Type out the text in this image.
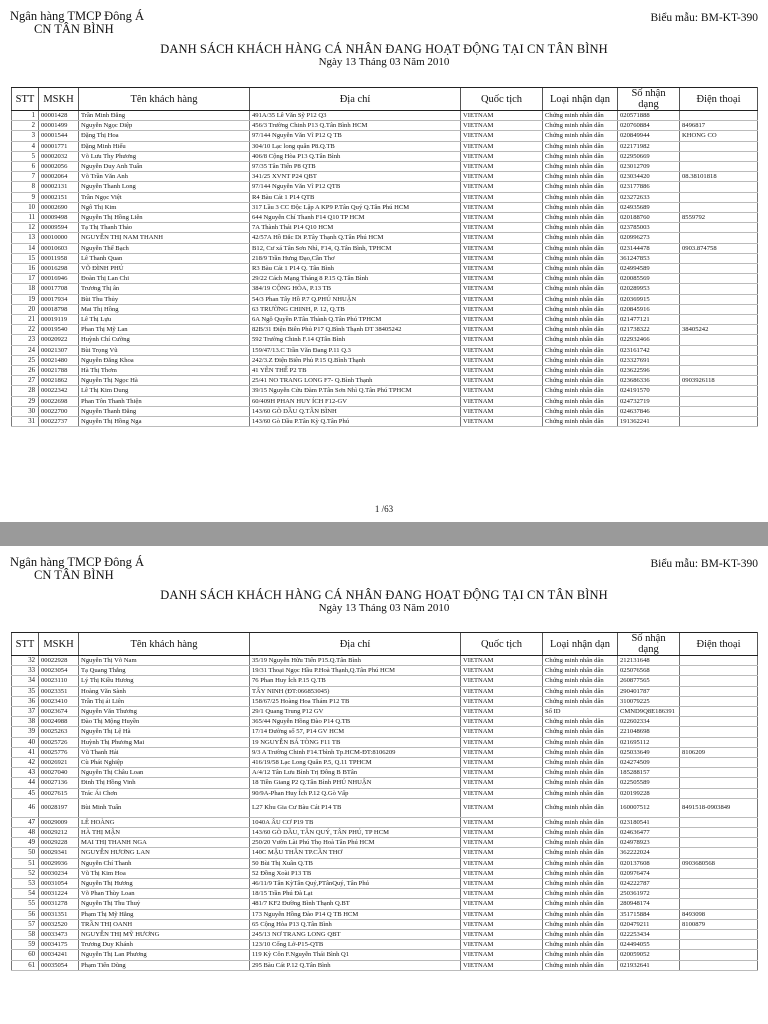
Ngân hàng TMCP Đông Á
CN TÂN BÌNH
Biểu mẫu: BM-KT-390
DANH SÁCH KHÁCH HÀNG CÁ NHÂN ĐANG HOẠT ĐỘNG TẠI CN TÂN BÌNH
Ngày 13 Tháng 03 Năm 2010
STT	MSKH	Tên khách hàng	Địa chỉ	Quốc tịch	Loại nhận dạn	Số nhận dạng	Điện thoại
1	00001428	Trần Minh Đăng	491A/35 Lê Văn Sỹ P12 Q3	VIETNAM	Chứng minh nhân dân	020571888	
2	00001499	Nguyễn Ngọc Diệp	456/3 Trường Chinh P13 Q.Tân Bình HCM	VIETNAM	Chứng minh nhân dân	020760884	8496817
3	00001544	Đặng Thị Hoa	97/144 Nguyễn Văn Vĩ P12 Q TB	VIETNAM	Chứng minh nhân dân	020849944	KHONG CO
4	00001771	Đặng Minh Hiếu	304/10 Lạc long quân P8.Q.TB	VIETNAM	Chứng minh nhân dân	022171982	
5	00002032	Võ Lưu Thy Phương	406/8 Cộng Hòa P13 Q.Tân Bình	VIETNAM	Chứng minh nhân dân	022950669	
6	00002056	Nguyễn Duy Anh Tuấn	97/35 Tân Tiến P8 QTB	VIETNAM	Chứng minh nhân dân	023012709	
7	00002064	Võ Trần Văn Anh	341/25 XVNT P24 QBT	VIETNAM	Chứng minh nhân dân	023034420	08.38101818
8	00002131	Nguyễn Thanh Long	97/144 Nguyễn Văn Vĩ P12 QTB	VIETNAM	Chứng minh nhân dân	023177886	
9	00002151	Trần Ngọc Việt	R4 Bàu Cát 1 P14 QTB	VIETNAM	Chứng minh nhân dân	023272633	
10	00002690	Ngô Thị Kim	317 Lầu 3 CC Độc Lập A KP9 P.Tân Quý Q.Tân Phú HCM	VIETNAM	Chứng minh nhân dân	024935689	
11	00009498	Nguyễn Thị Hồng Liên	644 Nguyễn Chí Thanh F14 Q10 TP HCM	VIETNAM	Chứng minh nhân dân	020188760	8559792
12	00009594	Tạ Thị Thanh Thảo	7A Thành Thái P14 Q10 HCM	VIETNAM	Chứng minh nhân dân	023785003	
13	00010000	NGUYỄN THỊ NAM THANH	42/57A Hồ Đắc Di P.Tây Thạnh Q.Tân Phú HCM	VIETNAM	Chứng minh nhân dân	020996273	
14	00010603	Nguyễn Thế Bạch	B12, Cư xá Tân Sơn Nhì, F14, Q.Tân Bình, TPHCM	VIETNAM	Chứng minh nhân dân	023144478	0903.874758
15	00011958	Lê Thanh Quan	218/9 Trần Hưng Đạo,Cần Thơ	VIETNAM	Chứng minh nhân dân	361247853	
16	00016298	VÕ ĐÌNH PHÚ	R3 Bàu Cát 1 P14 Q. Tân Bình	VIETNAM	Chứng minh nhân dân	024994589	
17	00016946	Đoàn Thị Lan Chi	29/22 Cách Mạng Tháng 8 P.15 Q.Tân Bình	VIETNAM	Chứng minh nhân dân	020085569	
18	00017708	Trương Thị ân	384/19 CỘNG HÒA, P.13 TB	VIETNAM	Chứng minh nhân dân	020289953	
19	00017934	Bùi Thu Thủy	54/3 Phan Tây Hồ P.7 Q.PHÚ NHUẬN	VIETNAM	Chứng minh nhân dân	020369915	
20	00018798	Mai Thị Hồng	63 TRƯỜNG CHINH, P. 12, Q.TB	VIETNAM	Chứng minh nhân dân	020845916	
21	00019119	Lê Thị Lựu	6A Ngô Quyền P.Tân Thành Q.Tân Phú TPHCM	VIETNAM	Chứng minh nhân dân	021477121	
22	00019540	Phan Thị Mỹ Lan	82B/31 Điện Biên Phủ P17 Q.Bình Thạnh DT 38405242	VIETNAM	Chứng minh nhân dân	021738322	38405242
23	00020922	Huỳnh Chí Cường	592 Trường Chinh F.14 QTân Bình	VIETNAM	Chứng minh nhân dân	022932466	
24	00021307	Bùi Trọng Vũ	159/47/13.C Trần Văn Đang P.11 Q.3	VIETNAM	Chứng minh nhân dân	023161742	
25	00021480	Nguyễn Đăng Khoa	242/3.Z Điện Biên Phủ P.15 Q.Bình Thạnh	VIETNAM	Chứng minh nhân dân	023327691	
26	00021788	Hà Thị Thơm	41 YÊN THẾ P2 TB	VIETNAM	Chứng minh nhân dân	023622596	
27	00021862	Nguyễn Thị Ngọc Hà	25/41 NO TRANG LONG F7- Q.Bình Thạnh	VIETNAM	Chứng minh nhân dân	023686336	0903926118
28	00022342	Lê Thị Kim Dung	39/15 Nguyễn Cửu Đàm P.Tân Sơn Nhì Q.Tân Phú TPHCM	VIETNAM	Chứng minh nhân dân	024191570	
29	00022698	Phan Tôn Thanh Thiện	60/409H PHAN HUY ÍCH F12-GV	VIETNAM	Chứng minh nhân dân	024732719	
30	00022700	Nguyễn Thanh Đăng	143/60 GÒ DẦU Q.TÂN BÌNH	VIETNAM	Chứng minh nhân dân	024637846	
31	00022737	Nguyễn Thị Hồng Nga	143/60 Gò Dầu P.Tân Kỳ Q.Tân Phú	VIETNAM	Chứng minh nhân dân	191362241	
1 /63
Ngân hàng TMCP Đông Á
CN TÂN BÌNH
Biểu mẫu: BM-KT-390
DANH SÁCH KHÁCH HÀNG CÁ NHÂN ĐANG HOẠT ĐỘNG TẠI CN TÂN BÌNH
Ngày 13 Tháng 03 Năm 2010
STT	MSKH	Tên khách hàng	Địa chỉ	Quốc tịch	Loại nhận dạn	Số nhận dạng	Điện thoại
32	00022928	Nguyễn Thị Võ Nam	35/19 Nguyễn Hữu Tiến P15.Q.Tân Bình	VIETNAM	Chứng minh nhân dân	212131648	
33	00023054	Tạ Quang Thắng	19/31 Thoại Ngọc Hầu P.Hoà Thạnh,Q.Tân Phú HCM	VIETNAM	Chứng minh nhân dân	025076568	
34	00023110	Lý Thị Kiều Hương	76 Phan Huy Ích P.15 Q.TB	VIETNAM	Chứng minh nhân dân	260877565	
35	00023351	Hoàng Văn Sành	TÂY NINH (ĐT:066853045)	VIETNAM	Chứng minh nhân dân	290401787	
36	00023410	Trần Thị ái Liên	158/67/25 Hoàng Hoa Thám P12 TB	VIETNAM	Chứng minh nhân dân	310079225	
37	00023674	Nguyễn Văn Thương	29/1 Quang Trung P12 GV	VIETNAM	Số ID	CMND9Q8E186391	
38	00024988	Đào Thị Mộng Huyền	365/44 Nguyễn Hồng Đào P14 Q.TB	VIETNAM	Chứng minh nhân dân	022602334	
39	00025263	Nguyễn Thị Lệ Hà	17/14 Đường số 57, P14 GV HCM	VIETNAM	Chứng minh nhân dân	221048698	
40	00025726	Huỳnh Thị Phương Mai	19 NGUYỄN BÁ TÒNG F11 TB	VIETNAM	Chứng minh nhân dân	021695112	
41	00025776	Vũ Thanh Hải	9/3 A Trường Chinh F14.Tbình Tp.HCM-ĐT:8106209	VIETNAM	Chứng minh nhân dân	025033649	8106209
42	00026921	Cù Phát Nghiệp	416/19/58 Lạc Long Quân P.5, Q.11 TPHCM	VIETNAM	Chứng minh nhân dân	024274509	
43	00027040	Nguyễn Thị Châu Loan	A/4/12 Tân Lưu Bình Trị Đông B BTân	VIETNAM	Chứng minh nhân dân	185288157	
44	00027136	Đinh Thị Hồng Vinh	18 Tiền Giang P2 Q.Tân Bình PHÚ NHUẬN	VIETNAM	Chứng minh nhân dân	022505589	
45	00027615	Trác Ái Chơn	90/9A-Phan Huy Ích P.12 Q.Gò Vấp	VIETNAM	Chứng minh nhân dân	020199228	
46	00028197	Bùi Minh Tuấn	L27 Khu Gia Cư Bàu Cát P14 TB	VIETNAM	Chứng minh nhân dân	160007512	8491518-0903849
47	00029009	LÊ HOÀNG	1040A ÂU CƠ P19 TB	VIETNAM	Chứng minh nhân dân	023180541	
48	00029212	HÀ THỊ MẬN	143/60 GÒ DẦU, TÂN QUÝ, TÂN PHÚ, TP HCM	VIETNAM	Chứng minh nhân dân	024636477	
49	00029228	MAI THỊ THANH NGA	250/20 Vườn Lài Phú Thọ Hoà Tân Phú HCM	VIETNAM	Chứng minh nhân dân	024978923	
50	00029341	NGUYỄN HƯƠNG LAN	140C MẬU THÂN TP.CẦN THƠ	VIETNAM	Chứng minh nhân dân	362222024	
51	00029936	Nguyễn Chí Thanh	50 Bùi Thị Xuân Q.TB	VIETNAM	Chứng minh nhân dân	020137608	0903680568
52	00030234	Vũ Thị Kim Hoa	52 Đồng Xoài P13 TB	VIETNAM	Chứng minh nhân dân	020976474	
53	00031054	Nguyễn Thị Hương	46/11/9 Tân KỳTân Quý,PTânQuý, Tân Phú	VIETNAM	Chứng minh nhân dân	024222787	
54	00031224	Võ Phan Thùy Loan	18/15 Trần Phú Đà Lạt	VIETNAM	Chứng minh nhân dân	250361972	
55	00031278	Nguyễn Thị Thu Thuỷ	481/7 KF2 Đường Bình Thạnh Q.BT	VIETNAM	Chứng minh nhân dân	280948174	
56	00031351	Phạm Thị Mỹ Hằng	173 Nguyễn Hồng Đào P14 Q TB HCM	VIETNAM	Chứng minh nhân dân	351715884	8493098
57	00032520	TRẦN THỊ OANH	65 Cộng Hòa P13 Q.Tân Bình	VIETNAM	Chứng minh nhân dân	020479211	8100879
58	00033473	NGUYỄN THỊ MỸ HƯƠNG	245/13 NƠ TRANG LONG QBT	VIETNAM	Chứng minh nhân dân	022253434	
59	00034175	Trương Duy Khánh	123/10 Cống Lở-P15-QTB	VIETNAM	Chứng minh nhân dân	024494055	
60	00034241	Nguyễn Thị Lan Phương	119 Kỳ Côn F.Nguyễn Thái Bình Q1	VIETNAM	Chứng minh nhân dân	020059052	
61	00035054	Phạm Tiến Dũng	295 Bàu Cát P.12 Q.Tân Bình	VIETNAM	Chứng minh nhân dân	021932641	
